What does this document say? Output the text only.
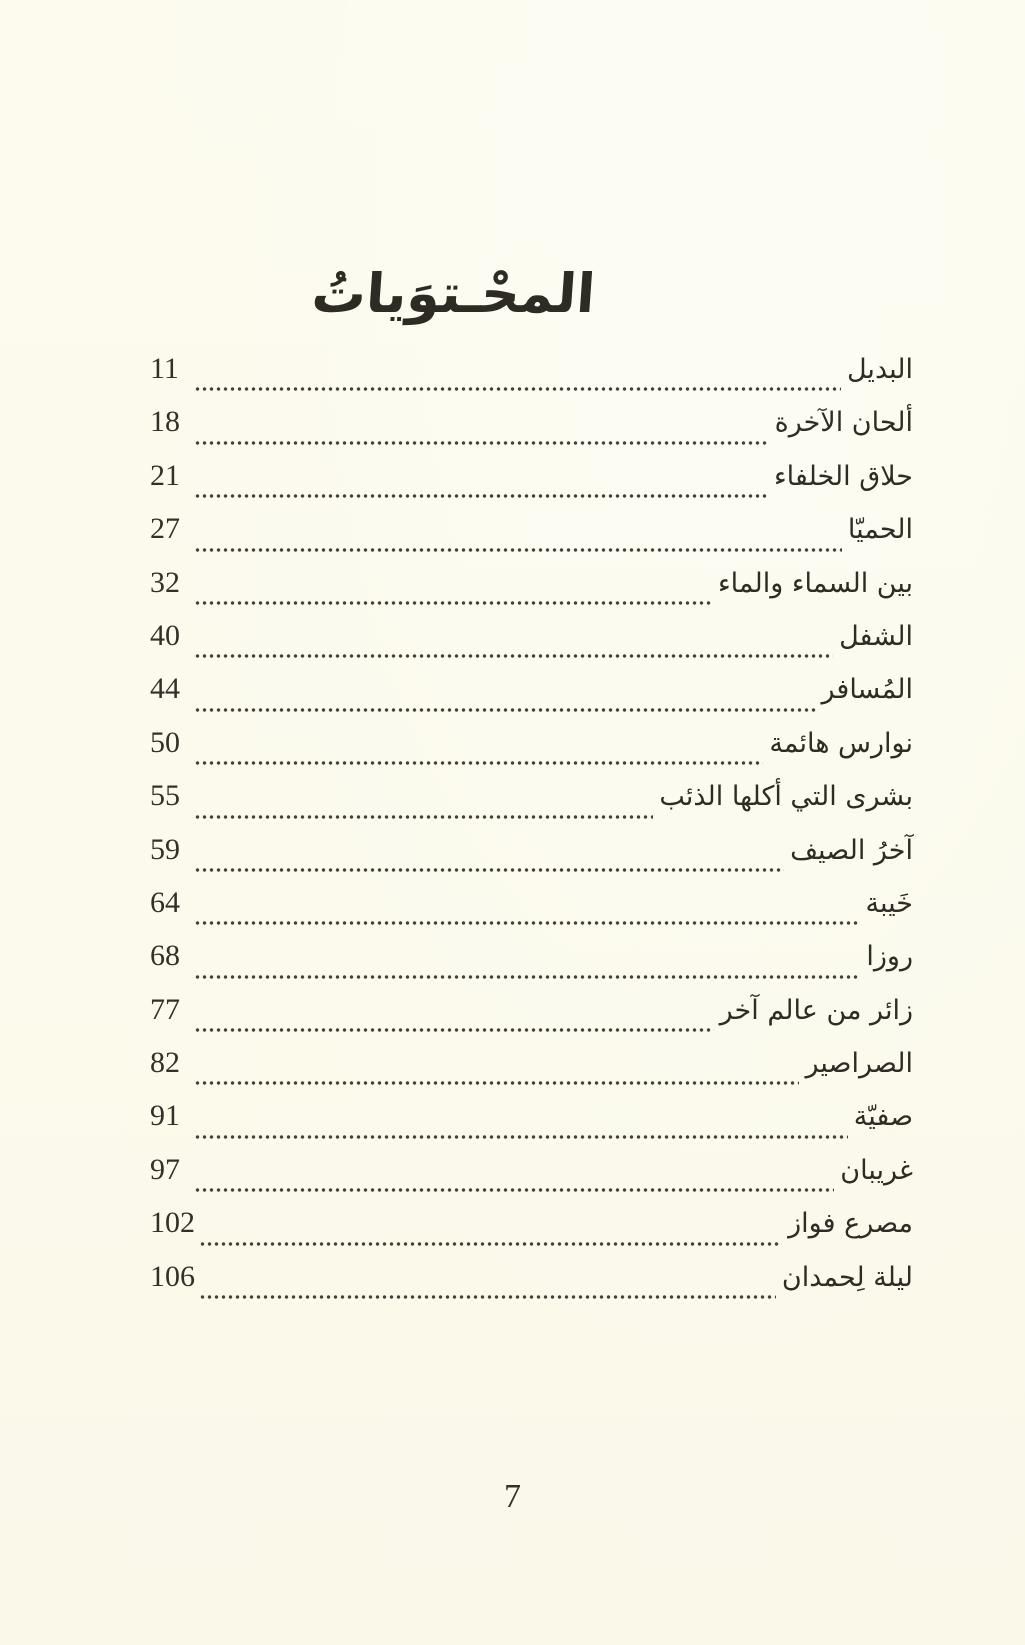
المحْـتوَياتُ
11	البديل
18	ألحان الآخرة
21	حلاق الخلفاء
27	الحميّا
32	بين السماء والماء
40	الشفل
44	المُسافر
50	نوارس هائمة
55	بشرى التي أكلها الذئب
59	آخرُ الصيف
64	خَيبة
68	روزا
77	زائر من عالم آخر
82	الصراصير
91	صفيّة
97	غريبان
102	مصرع فواز
106	ليلة لِحمدان
7
